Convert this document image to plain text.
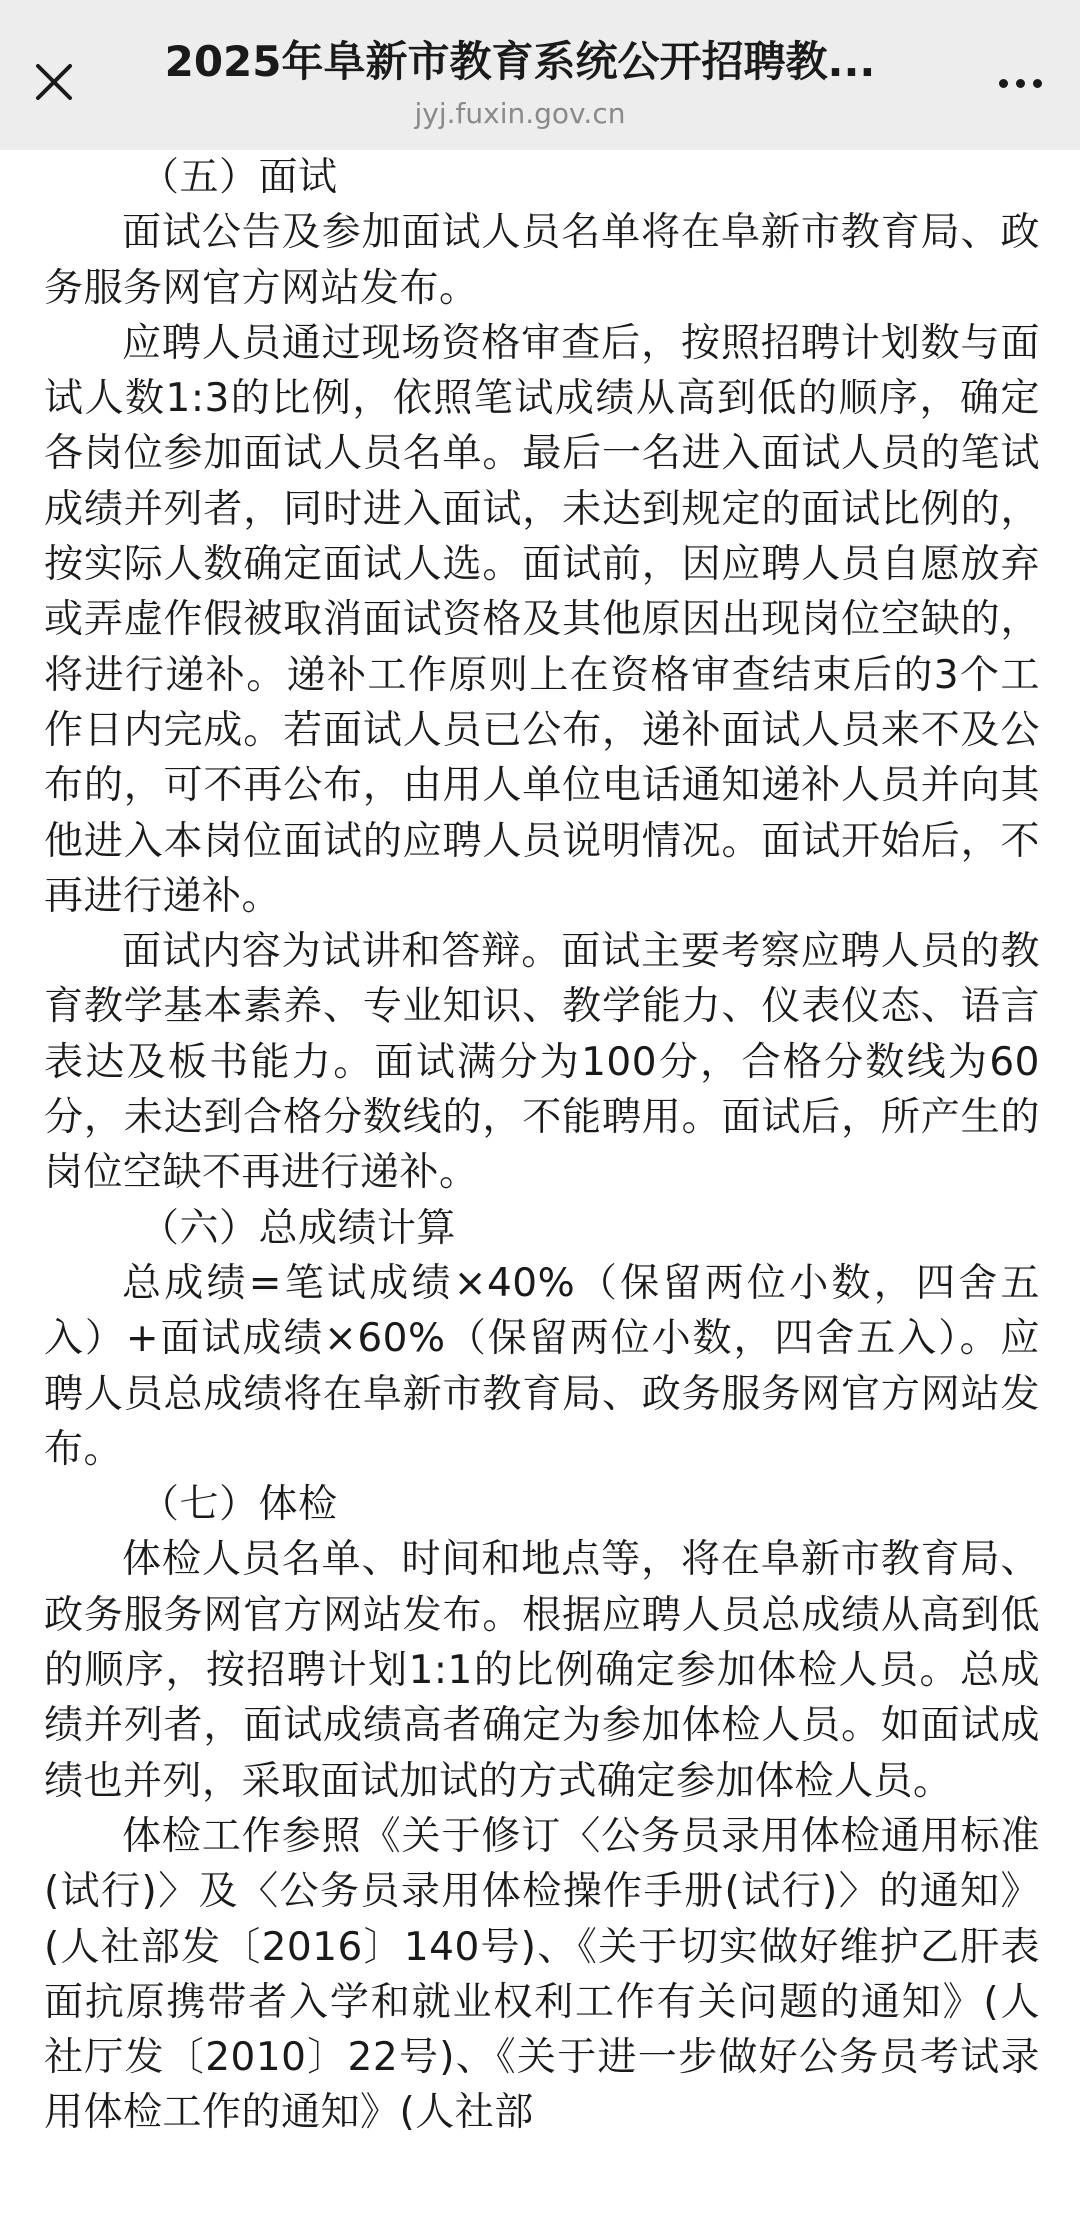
2025年阜新市教育系统公开招聘教...
jyj.fuxin.gov.cn

（五）面试

面试公告及参加面试人员名单将在阜新市教育局、政务服务网官方网站发布。

应聘人员通过现场资格审查后，按照招聘计划数与面试人数1:3的比例，依照笔试成绩从高到低的顺序，确定各岗位参加面试人员名单。最后一名进入面试人员的笔试成绩并列者，同时进入面试，未达到规定的面试比例的，按实际人数确定面试人选。面试前，因应聘人员自愿放弃或弄虚作假被取消面试资格及其他原因出现岗位空缺的，将进行递补。递补工作原则上在资格审查结束后的3个工作日内完成。若面试人员已公布，递补面试人员来不及公布的，可不再公布，由用人单位电话通知递补人员并向其他进入本岗位面试的应聘人员说明情况。面试开始后，不再进行递补。

面试内容为试讲和答辩。面试主要考察应聘人员的教育教学基本素养、专业知识、教学能力、仪表仪态、语言表达及板书能力。面试满分为100分，合格分数线为60分，未达到合格分数线的，不能聘用。面试后，所产生的岗位空缺不再进行递补。

（六）总成绩计算

总成绩=笔试成绩×40%（保留两位小数，四舍五入）+面试成绩×60%（保留两位小数，四舍五入）。应聘人员总成绩将在阜新市教育局、政务服务网官方网站发布。

（七）体检

体检人员名单、时间和地点等，将在阜新市教育局、政务服务网官方网站发布。根据应聘人员总成绩从高到低的顺序，按招聘计划1:1的比例确定参加体检人员。总成绩并列者，面试成绩高者确定为参加体检人员。如面试成绩也并列，采取面试加试的方式确定参加体检人员。

体检工作参照《关于修订〈公务员录用体检通用标准(试行)〉及〈公务员录用体检操作手册(试行)〉的通知》(人社部发〔2016〕140号)、《关于切实做好维护乙肝表面抗原携带者入学和就业权利工作有关问题的通知》(人社厅发〔2010〕22号)、《关于进一步做好公务员考试录用体检工作的通知》(人社部
